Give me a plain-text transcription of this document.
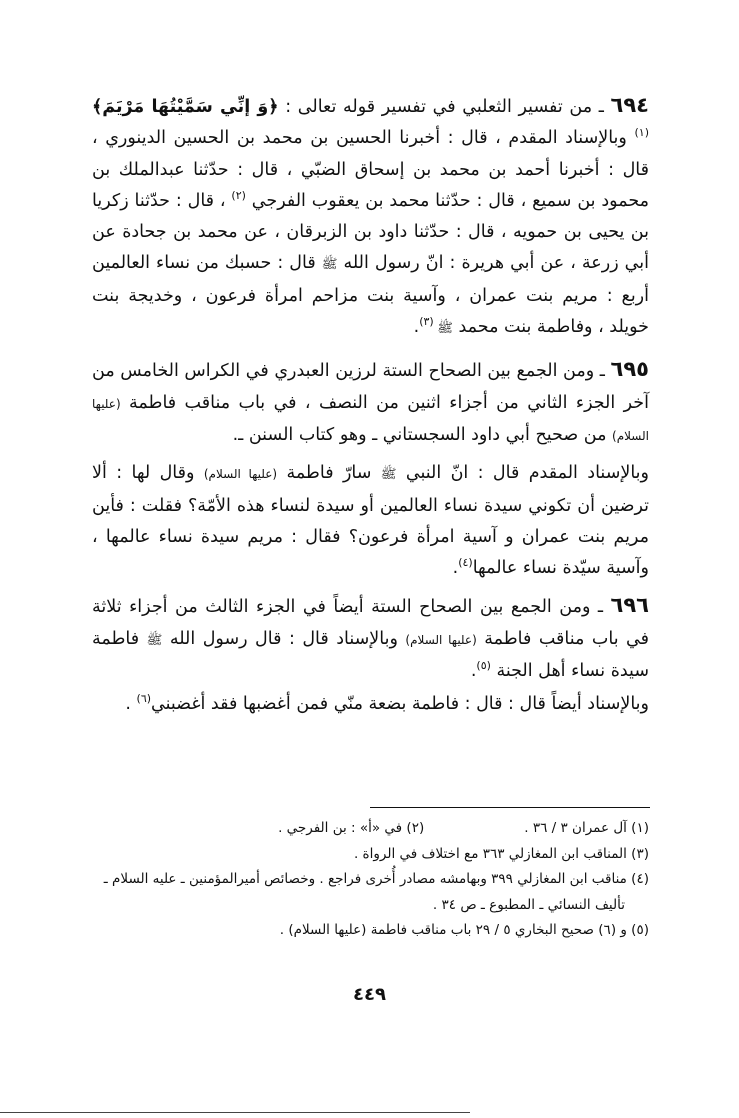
٦٩٤ ـ من تفسير الثعلبي في تفسير قوله تعالى : ﴿وَ إنِّي سَمَّيْتُهَا مَرْيَمَ﴾$^{(١)}$ وبالإسناد المقدم ، قال : أخبرنا الحسين بن محمد بن الحسين الدينوري ، قال : أخبرنا أحمد بن محمد بن إسحاق الضبّي ، قال : حدّثنا عبدالملك بن محمود بن سميع ، قال : حدّثنا محمد بن يعقوب الفرجي $^{(٢)}$ ، قال : حدّثنا زكريا بن يحيى بن حمويه ، قال : حدّثنا داود بن الزبرقان ، عن محمد بن جحادة عن أبي زرعة ، عن أبي هريرة : انّ رسول الله ﷺ قال : حسبك من نساء العالمين أربع : مريم بنت عمران ، وآسية بنت مزاحم امرأة فرعون ، وخديجة بنت خويلد ، وفاطمة بنت محمد ﷺ $^{(٣)}$.

٦٩٥ ـ ومن الجمع بين الصحاح الستة لرزين العبدري في الكراس الخامس من آخر الجزء الثاني من أجزاء اثنين من النصف ، في باب مناقب فاطمة (عليها السلام) من صحيح أبي داود السجستاني ـ وهو كتاب السنن ـ.

وبالإسناد المقدم قال : انّ النبي ﷺ سارّ فاطمة (عليها السلام) وقال لها : ألا ترضين أن تكوني سيدة نساء العالمين أو سيدة لنساء هذه الأمّة؟ فقلت : فأين مريم بنت عمران و آسية امرأة فرعون؟ فقال : مريم سيدة نساء عالمها ، وآسية سيّدة نساء عالمها$^{(٤)}$.

٦٩٦ ـ ومن الجمع بين الصحاح الستة أيضاً في الجزء الثالث من أجزاء ثلاثة في باب مناقب فاطمة (عليها السلام) وبالإسناد قال : قال رسول الله ﷺ فاطمة سيدة نساء أهل الجنة $^{(٥)}$.

وبالإسناد أيضاً قال : قال : فاطمة بضعة منّي فمن أغضبها فقد أغضبني$^{(٦)}$ .

(١) آل عمران ٣ / ٣٦ .
(٢) في «أ» : بن الفرجي .
(٣) المناقب ابن المغازلي ٣٦٣ مع اختلاف في الرواة .
(٤) مناقب ابن المغازلي ٣٩٩ وبهامشه مصادر أُخرى فراجع . وخصائص أميرالمؤمنين ـ عليه السلام ـ
تأليف النسائي ـ المطبوع ـ ص ٣٤ .
(٥) و (٦) صحيح البخاري ٥ / ٢٩ باب مناقب فاطمة (عليها السلام) .
٤٤٩
